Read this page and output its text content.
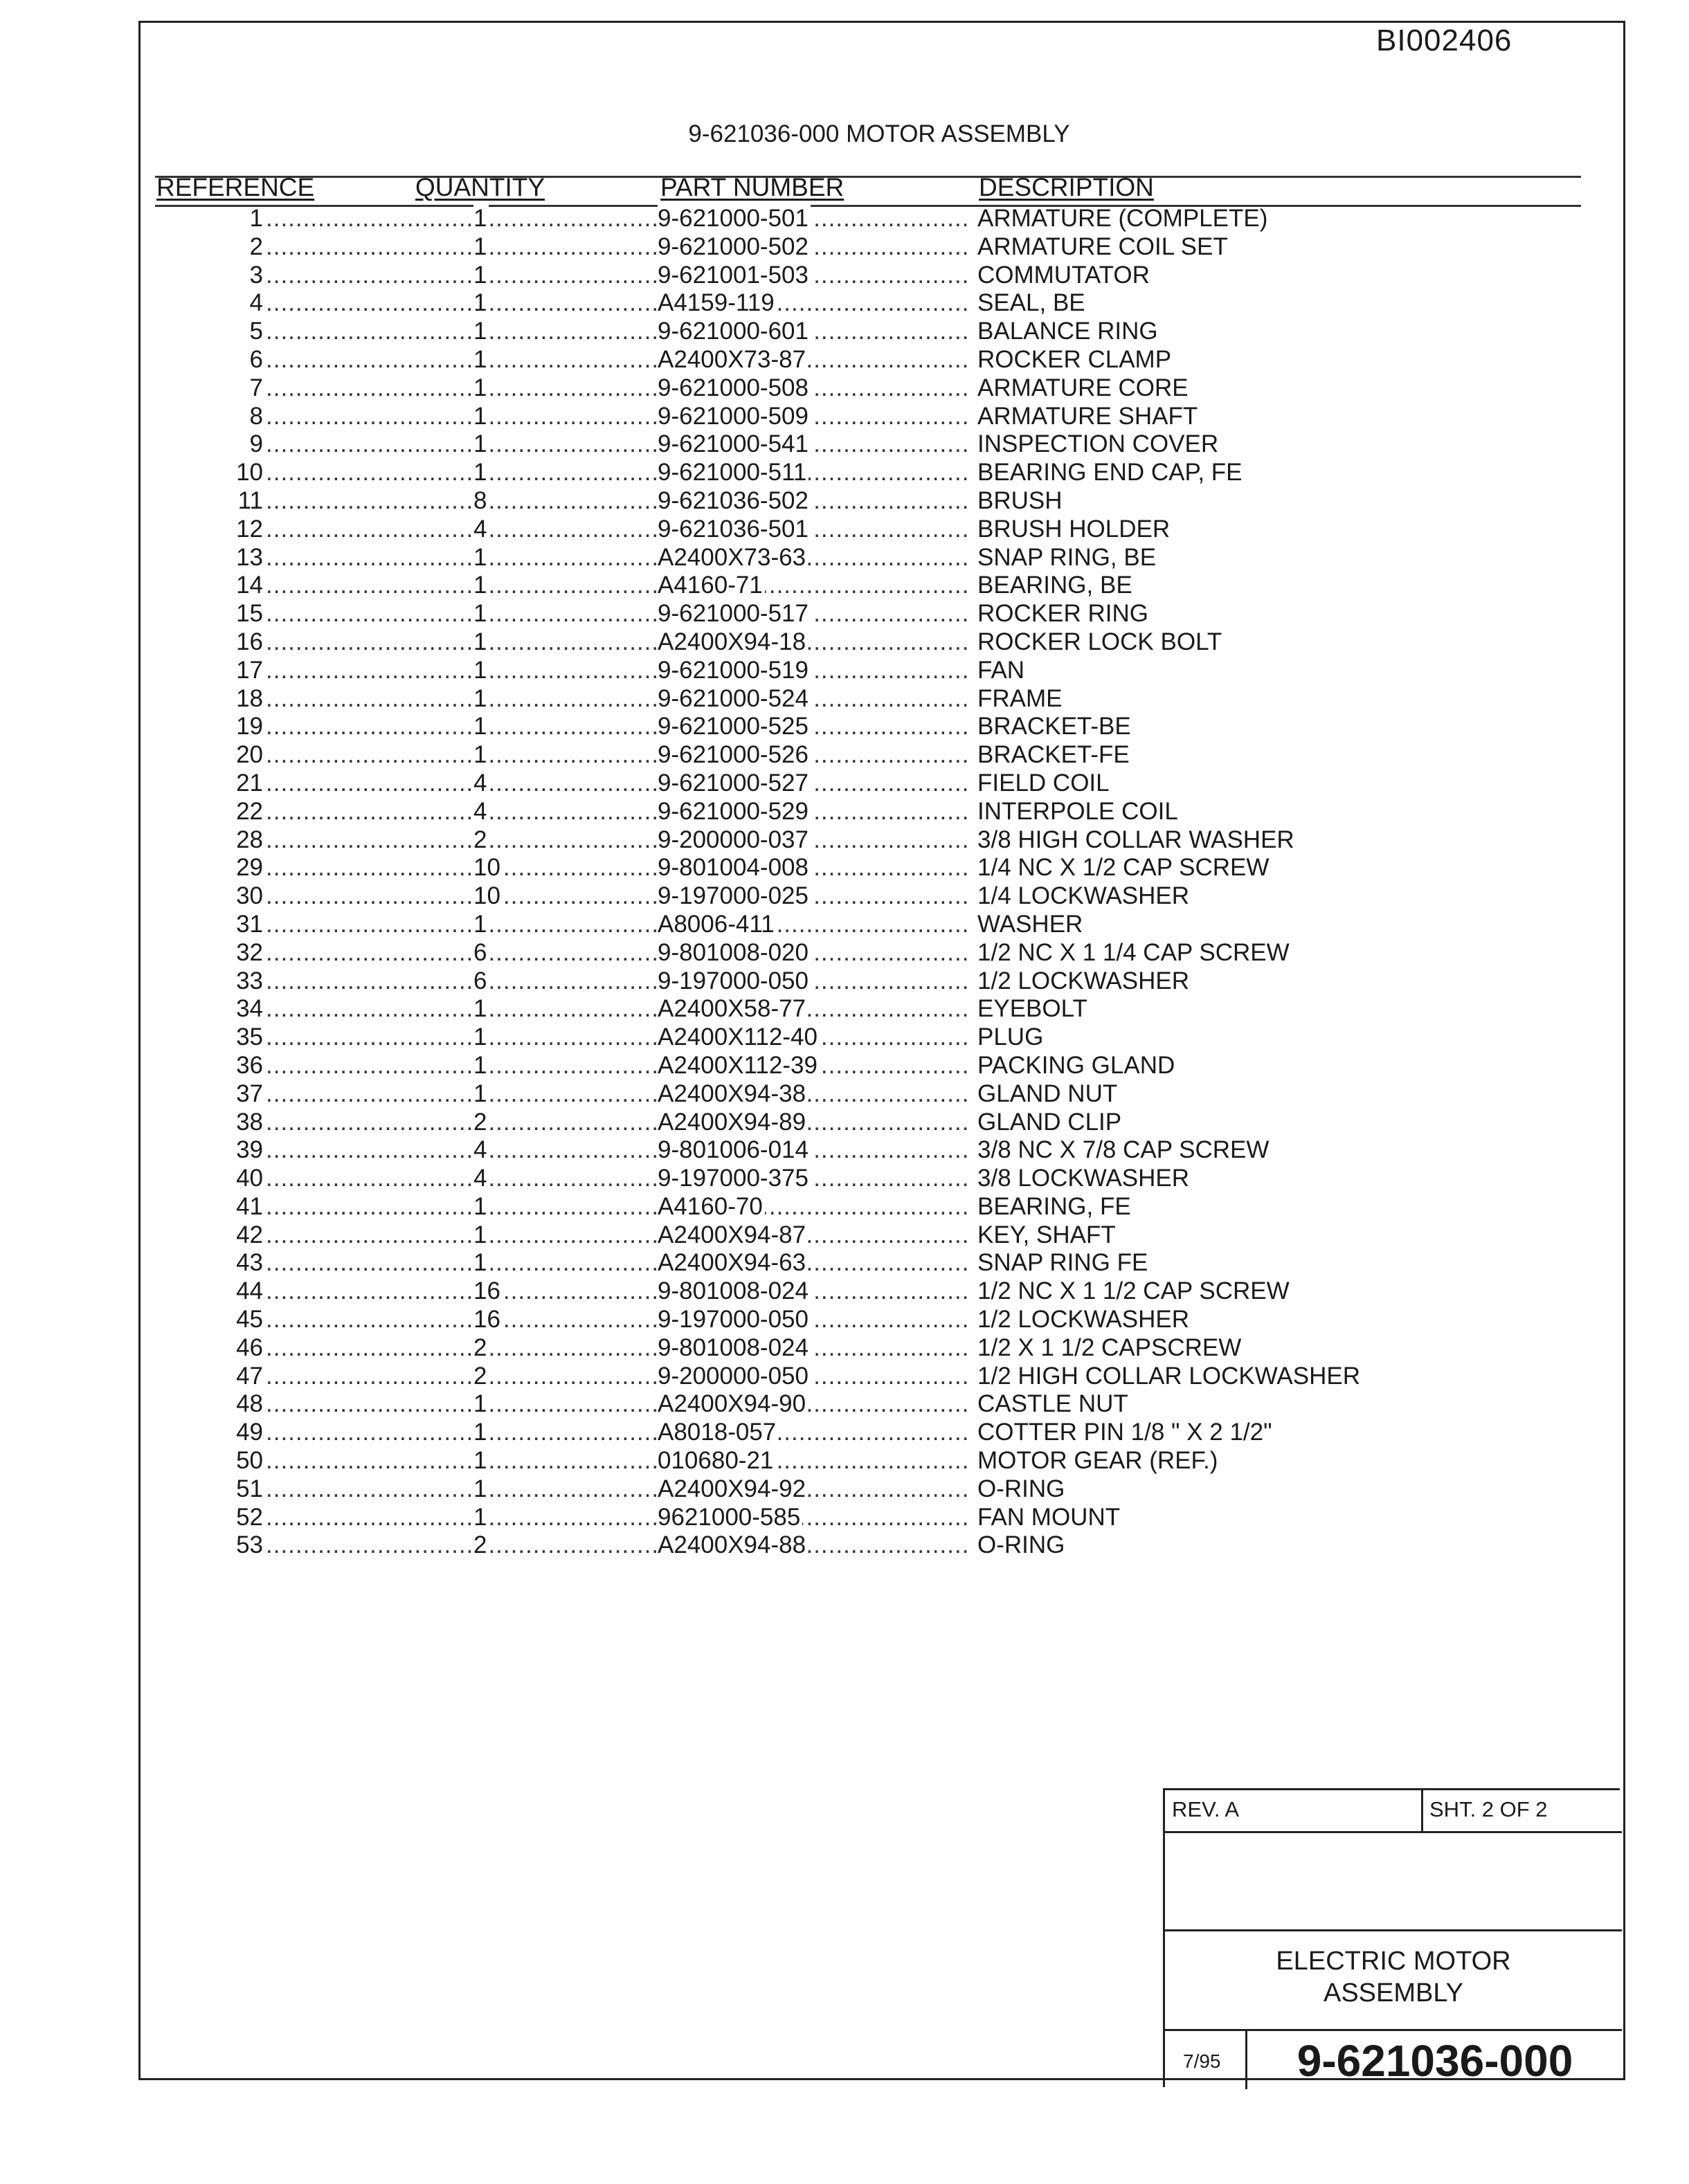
BI002406
9-621036-000 MOTOR ASSEMBLY
REFERENCE	QUANTITY	PART NUMBER	DESCRIPTION
.....
1 .....	1 .....	9-621000-501	ARMATURE (COMPLETE)
.....
2 .....	1 .....	9-621000-502	ARMATURE COIL SET
.....
3 .....	1 .....	9-621001-503	COMMUTATOR
.....
4 .....	1 .....	A4159-119	SEAL, BE
.....
5 .....	1 .....	9-621000-601	BALANCE RING
.....
6 .....	1 .....	A2400X73-87	ROCKER CLAMP
.....
7 .....	1 .....	9-621000-508	ARMATURE CORE
.....
8 .....	1 .....	9-621000-509	ARMATURE SHAFT
.....
9 .....	1 .....	9-621000-541	INSPECTION COVER
.....
10 .....	1 .....	9-621000-511	BEARING END CAP, FE
.....
11 .....	8 .....	9-621036-502	BRUSH
.....
12 .....	4 .....	9-621036-501	BRUSH HOLDER
.....
13 .....	1 .....	A2400X73-63	SNAP RING, BE
.....
14 .....	1 .....	A4160-71	BEARING, BE
.....
15 .....	1 .....	9-621000-517	ROCKER RING
.....
16 .....	1 .....	A2400X94-18	ROCKER LOCK BOLT
.....
17 .....	1 .....	9-621000-519	FAN
.....
18 .....	1 .....	9-621000-524	FRAME
.....
19 .....	1 .....	9-621000-525	BRACKET-BE
.....
20 .....	1 .....	9-621000-526	BRACKET-FE
.....
21 .....	4 .....	9-621000-527	FIELD COIL
.....
22 .....	4 .....	9-621000-529	INTERPOLE COIL
.....
28 .....	2 .....	9-200000-037	3/8 HIGH COLLAR WASHER
.....
29 .....	10 .....	9-801004-008	1/4 NC X 1/2 CAP SCREW
.....
30 .....	10 .....	9-197000-025	1/4 LOCKWASHER
.....
31 .....	1 .....	A8006-411	WASHER
.....
32 .....	6 .....	9-801008-020	1/2 NC X 1 1/4 CAP SCREW
.....
33 .....	6 .....	9-197000-050	1/2 LOCKWASHER
.....
34 .....	1 .....	A2400X58-77	EYEBOLT
.....
35 .....	1 .....	A2400X112-40	PLUG
.....
36 .....	1 .....	A2400X112-39	PACKING GLAND
.....
37 .....	1 .....	A2400X94-38	GLAND NUT
.....
38 .....	2 .....	A2400X94-89	GLAND CLIP
.....
39 .....	4 .....	9-801006-014	3/8 NC X 7/8 CAP SCREW
.....
40 .....	4 .....	9-197000-375	3/8 LOCKWASHER
.....
41 .....	1 .....	A4160-70	BEARING, FE
.....
42 .....	1 .....	A2400X94-87	KEY, SHAFT
.....
43 .....	1 .....	A2400X94-63	SNAP RING FE
.....
44 .....	16 .....	9-801008-024	1/2 NC X 1 1/2 CAP SCREW
.....
45 .....	16 .....	9-197000-050	1/2 LOCKWASHER
.....
46 .....	2 .....	9-801008-024	1/2 X 1 1/2 CAPSCREW
.....
47 .....	2 .....	9-200000-050	1/2 HIGH COLLAR LOCKWASHER
.....
48 .....	1 .....	A2400X94-90	CASTLE NUT
.....
49 .....	1 .....	A8018-057	COTTER PIN 1/8 " X 2 1/2"
.....
50 .....	1 .....	010680-21	MOTOR GEAR (REF.)
.....
51 .....	1 .....	A2400X94-92	O-RING
.....
52 .....	1 .....	9621000-585	FAN MOUNT
.....
53 .....	2 .....	A2400X94-88	O-RING
REV. A	SHT. 2 OF 2
ELECTRIC MOTOR
ASSEMBLY
7/95	9-621036-000
